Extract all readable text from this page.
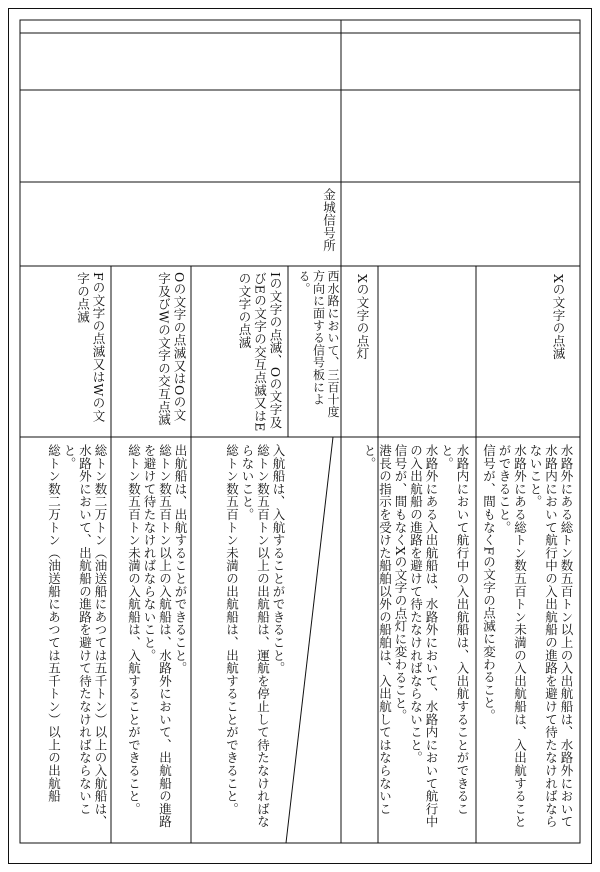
金城信号所
Xの文字の点滅
Xの文字の点灯
西水路において、三百十度方向に面する信号板による。
Iの文字の点滅、Oの文字及びEの文字の交互点滅又はEの文字の点滅
Oの文字の点滅又はOの文字及びWの文字の交互点滅
Fの文字の点滅又はWの文字の点滅
水路外にある総トン数五百トン以上の入出航船は、水路外において水路内において航行中の入出航船の進路を避けて待たなければならないこと。
水路外にある総トン数五百トン未満の入出航船は、入出航することができること。
信号が、間もなくFの文字の点滅に変わること。
水路内において航行中の入出航船は、入出航することができること。
水路外にある入出航船は、水路外において、水路内において航行中の入出航船の進路を避けて待たなければならないこと。
信号が、間もなくXの文字の点灯に変わること。
港長の指示を受けた船舶以外の船舶は、入出航してはならないこと。
入航船は、入航することができること。
総トン数五百トン以上の出航船は、運航を停止して待たなければならないこと。
総トン数五百トン未満の出航船は、出航することができること。
出航船は、出航することができること。
総トン数五百トン以上の入航船は、水路外において、出航船の進路を避けて待たなければならないこと。
総トン数五百トン未満の入航船は、入航することができること。
総トン数二万トン（油送船にあつては五千トン）以上の入航船は、水路外において、出航船の進路を避けて待たなければならないこと。
総トン数二万トン（油送船にあつては五千トン）以上の出航船
